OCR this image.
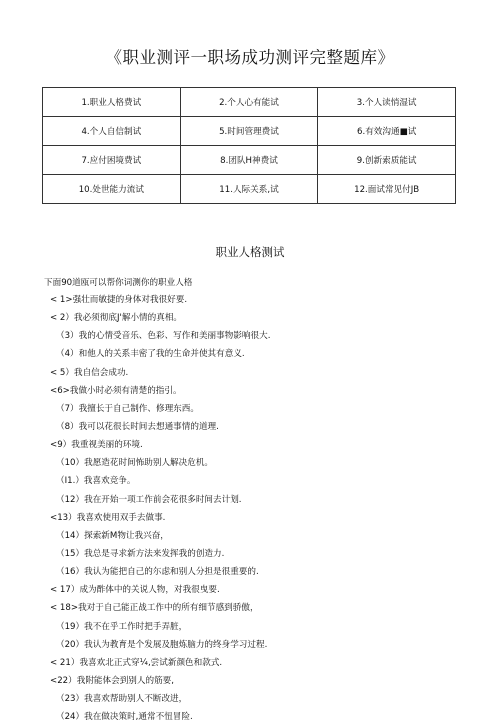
《职业测评一职场成功测评完整题库》
1.职业人格费试	2.个人心有能试	3.个人读悄湿试
4.个人自信制试	5.时间管理费试	6.有效沟通■试
7.应付困境费试	8.团队H神费试	9.创新索质能试
10.处世能力流试	11.人际关系,试	12.面试常见付JB
职业人格测试
下面90道瓯可以帮你词测你的职业人格
< 1>强壮而敏捷的身体对我很好要.
< 2）我必须彻底J'解小情的真相。
（3）我的心情受音乐、色彩、写作和美丽事物影响很大.
（4）和他人的关系丰密了我的生命并使其有意义.
< 5）我自信会成功.
<6>我做小时必须有清楚的指引。
（7）我擅长于自己制作、修理东西。
（8）我可以花很长时间去想通事情的道理.
<9）我重视美丽的环境.
（10）我愿造花时间怖助别人解决危机。
（I1.）我喜欢竞争。
（12）我在开始一项工作前会花很多时间去计划.
<13）我喜欢使用双手去做事.
（14）探索新M物让我兴奋，
（15）我总是寻求新方法来发挥我的创造力.
（16）我认为能把自己的尓虑和别人分担是很重要的.
< 17）成为酢体中的关说人物，对我很曳要.
< 18>我对于自己能正战工作中的所有细节感到骄傲，
（19）我不在乎工作时把手弄脏，
（20）我认为教育是个发展及胞炼脑力的终身学习过程.
< 21）我喜欢北正式穿¼,尝试新颜色和款式.
<22）我附能体会到别人的筋要,
（23）我喜欢帮助别人不断改进，
（24）我在做决策时,通常不忸冒险.
